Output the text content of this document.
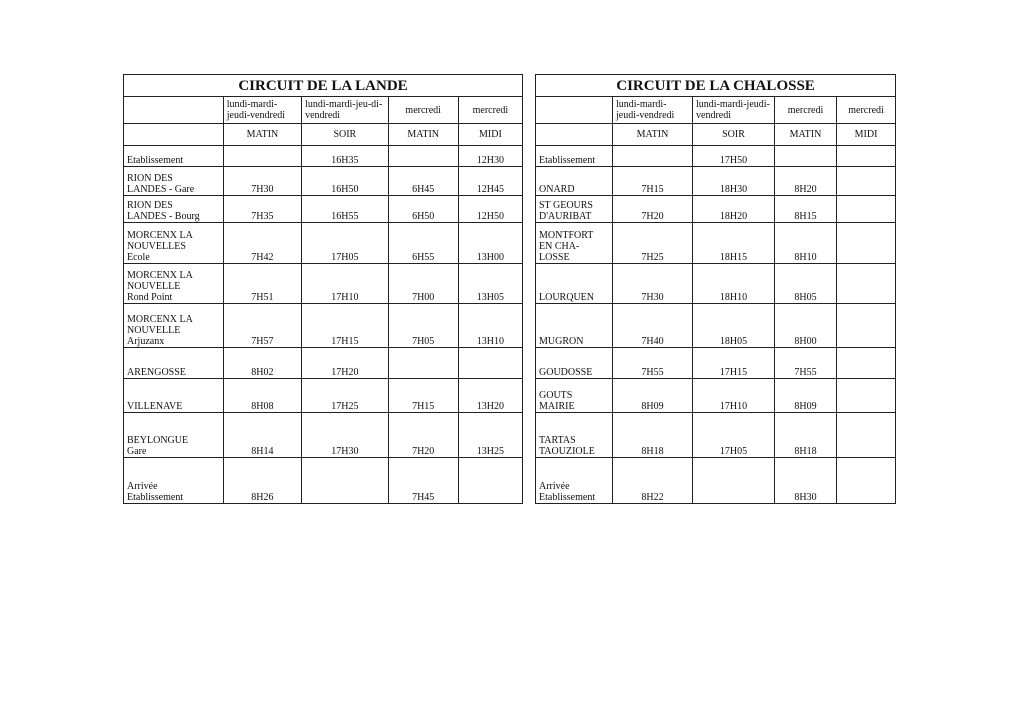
CIRCUIT DE LA LANDE				
	lundi-mardi-jeudi-vendredi	lundi-mardi-jeu-di-vendredi	mercredi	mercredi
	MATIN	SOIR	MATIN	MIDI
Etablissement		16H35		12H30
RION DES
LANDES - Gare	7H30	16H50	6H45	12H45
RION DES
LANDES - Bourg	7H35	16H55	6H50	12H50
MORCENX LA
NOUVELLES
Ecole	7H42	17H05	6H55	13H00
MORCENX LA
NOUVELLE
Rond Point	7H51	17H10	7H00	13H05
MORCENX LA
NOUVELLE
Arjuzanx	7H57	17H15	7H05	13H10
ARENGOSSE	8H02	17H20		
VILLENAVE	8H08	17H25	7H15	13H20
BEYLONGUE
Gare	8H14	17H30	7H20	13H25
Arrivée
Etablissement	8H26		7H45	
CIRCUIT DE LA CHALOSSE				
	lundi-mardi-jeudi-vendredi	lundi-mardi-jeudi-vendredi	mercredi	mercredi
	MATIN	SOIR	MATIN	MIDI
Etablissement		17H50		
ONARD	7H15	18H30	8H20	
ST GEOURS
D'AURIBAT	7H20	18H20	8H15	
MONTFORT
EN CHA-
LOSSE	7H25	18H15	8H10	
LOURQUEN	7H30	18H10	8H05	
MUGRON	7H40	18H05	8H00	
GOUDOSSE	7H55	17H15	7H55	
GOUTS
MAIRIE	8H09	17H10	8H09	
TARTAS
TAOUZIOLE	8H18	17H05	8H18	
Arrivée
Etablissement	8H22		8H30	
